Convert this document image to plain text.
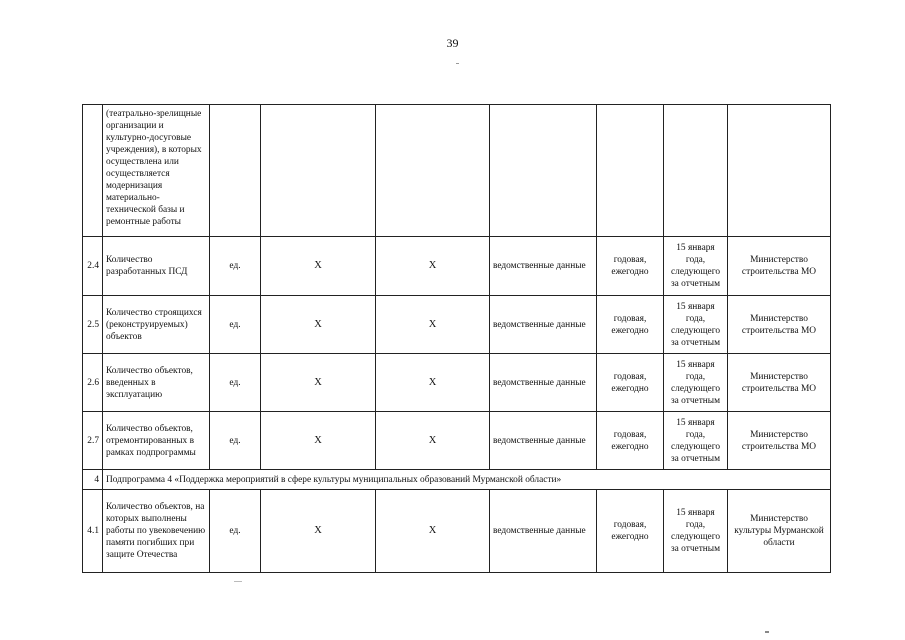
39
	(театрально-зрелищные организации и культурно-досуговые учреждения), в которых осуществлена или осуществляется модернизация материально-технической базы и ремонтные работы							
2.4	Количество разработанных ПСД	ед.	Х	Х	ведомственные данные	годовая, ежегодно	15 января года, следующего за отчетным	Министерство строительства МО
2.5	Количество строящихся (реконструируемых) объектов	ед.	Х	Х	ведомственные данные	годовая, ежегодно	15 января года, следующего за отчетным	Министерство строительства МО
2.6	Количество объектов, введенных в эксплуатацию	ед.	Х	Х	ведомственные данные	годовая, ежегодно	15 января года, следующего за отчетным	Министерство строительства МО
2.7	Количество объектов, отремонтированных в рамках подпрограммы	ед.	Х	Х	ведомственные данные	годовая, ежегодно	15 января года, следующего за отчетным	Министерство строительства МО
4	Подпрограмма 4 «Поддержка мероприятий в сфере культуры муниципальных образований Мурманской области»							
4.1	Количество объектов, на которых выполнены работы по увековечению памяти погибших при защите Отечества	ед.	Х	Х	ведомственные данные	годовая, ежегодно	15 января года, следующего за отчетным	Министерство культуры Мурманской области
